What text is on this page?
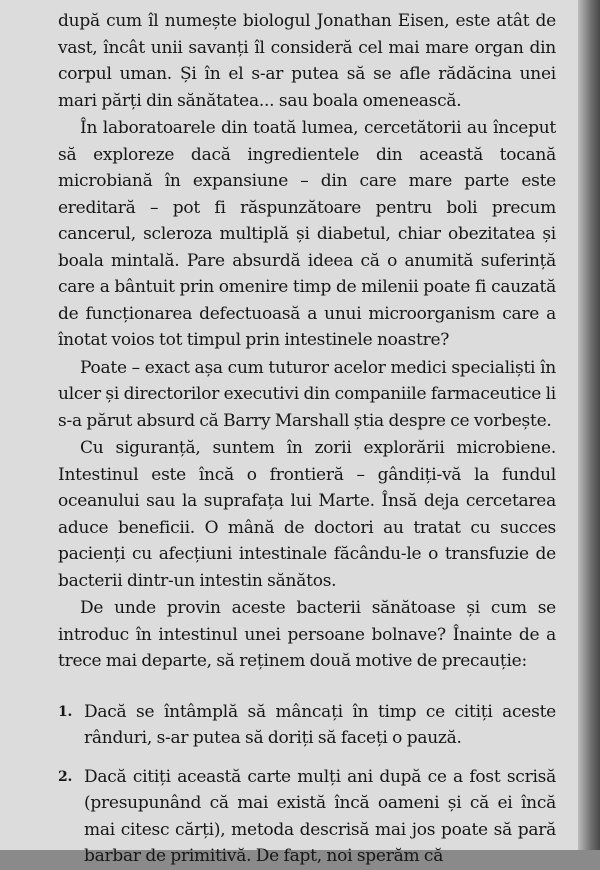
după cum îl numește biologul Jonathan Eisen, este atât de vast, încât unii savanți îl consideră cel mai mare organ din corpul uman. Și în el s-ar putea să se afle rădăcina unei mari părți din sănătatea... sau boala omenească.

În laboratoarele din toată lumea, cercetătorii au început să exploreze dacă ingredientele din această tocană microbiană în expansiune – din care mare parte este ereditară – pot fi răspunzătoare pentru boli precum cancerul, scleroza multiplă și diabetul, chiar obezitatea și boala mintală. Pare absurdă ideea că o anumită suferință care a bântuit prin omenire timp de milenii poate fi cauzată de funcționarea defectuoasă a unui microorganism care a înotat voios tot timpul prin intestinele noastre?

Poate – exact așa cum tuturor acelor medici specialiști în ulcer și directorilor executivi din companiile farmaceutice li s-a părut absurd că Barry Marshall știa despre ce vorbește.

Cu siguranță, suntem în zorii explorării microbiene. Intestinul este încă o frontieră – gândiți-vă la fundul oceanului sau la suprafața lui Marte. Însă deja cercetarea aduce beneficii. O mână de doctori au tratat cu succes pacienți cu afecțiuni intestinale făcându-le o transfuzie de bacterii dintr-un intestin sănătos.

De unde provin aceste bacterii sănătoase și cum se introduc în intestinul unei persoane bolnave? Înainte de a trece mai departe, să reținem două motive de precauție:

1. Dacă se întâmplă să mâncați în timp ce citiți aceste rânduri, s-ar putea să doriți să faceți o pauză.
2. Dacă citiți această carte mulți ani după ce a fost scrisă (presupunând că mai există încă oameni și că ei încă mai citesc cărți), metoda descrisă mai jos poate să pară barbar de primitivă. De fapt, noi sperăm că
